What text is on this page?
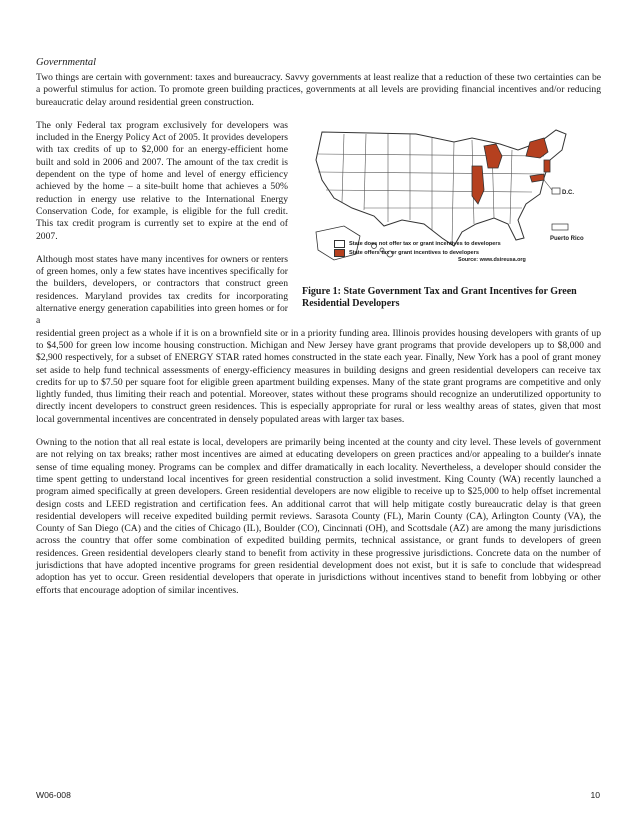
Governmental

Two things are certain with government: taxes and bureaucracy. Savvy governments at least realize that a reduction of these two certainties can be a powerful stimulus for action. To promote green building practices, governments at all levels are providing financial incentives and/or reducing bureaucratic delay around residential green construction.

The only Federal tax program exclusively for developers was included in the Energy Policy Act of 2005. It provides developers with tax credits of up to $2,000 for an energy-efficient home built and sold in 2006 and 2007. The amount of the tax credit is dependent on the type of home and level of energy efficiency achieved by the home – a site-built home that achieves a 50% reduction in energy use relative to the International Energy Conservation Code, for example, is eligible for the full credit. This tax credit program is currently set to expire at the end of 2007.

Although most states have many incentives for owners or renters of green homes, only a few states have incentives specifically for the builders, developers, or contractors that construct green residences. Maryland provides tax credits for incorporating alternative energy generation capabilities into green homes or for a

D.C.
Puerto Rico
State does not offer tax or grant incentives to developers
State offers tax or grant incentives to developers
Source: www.dsireusa.org
Figure 1: State Government Tax and Grant Incentives for Green Residential Developers

residential green project as a whole if it is on a brownfield site or in a priority funding area. Illinois provides housing developers with grants of up to $4,500 for green low income housing construction. Michigan and New Jersey have grant programs that provide developers up to $8,000 and $2,900 respectively, for a subset of ENERGY STAR rated homes constructed in the state each year. Finally, New York has a pool of grant money set aside to help fund technical assessments of energy-efficiency measures in building designs and green residential developers can receive tax credits for up to $7.50 per square foot for eligible green apartment building expenses. Many of the state grant programs are competitive and only lightly funded, thus limiting their reach and potential. Moreover, states without these programs should recognize an underutilized opportunity to directly incent developers to construct green residences. This is especially appropriate for rural or less wealthy areas of states, given that most local governmental incentives are concentrated in densely populated areas with larger tax bases.

Owning to the notion that all real estate is local, developers are primarily being incented at the county and city level. These levels of government are not relying on tax breaks; rather most incentives are aimed at educating developers on green practices and/or appealing to a builder's innate sense of time equaling money. Programs can be complex and differ dramatically in each locality. Nevertheless, a developer should consider the time spent getting to understand local incentives for green residential construction a solid investment. King County (WA) recently launched a program aimed specifically at green developers. Green residential developers are now eligible to receive up to $25,000 to help offset incremental design costs and LEED registration and certification fees. An additional carrot that will help mitigate costly bureaucratic delay is that green residential developers will receive expedited building permit reviews. Sarasota County (FL), Marin County (CA), Arlington County (VA), the County of San Diego (CA) and the cities of Chicago (IL), Boulder (CO), Cincinnati (OH), and Scottsdale (AZ) are among the many jurisdictions across the country that offer some combination of expedited building permits, technical assistance, or grant funds to developers of green residences. Green residential developers clearly stand to benefit from activity in these progressive jurisdictions. Concrete data on the number of jurisdictions that have adopted incentive programs for green residential development does not exist, but it is safe to conclude that widespread adoption has yet to occur. Green residential developers that operate in jurisdictions without incentives stand to benefit from lobbying or other efforts that encourage adoption of similar incentives.

W06-008	10
